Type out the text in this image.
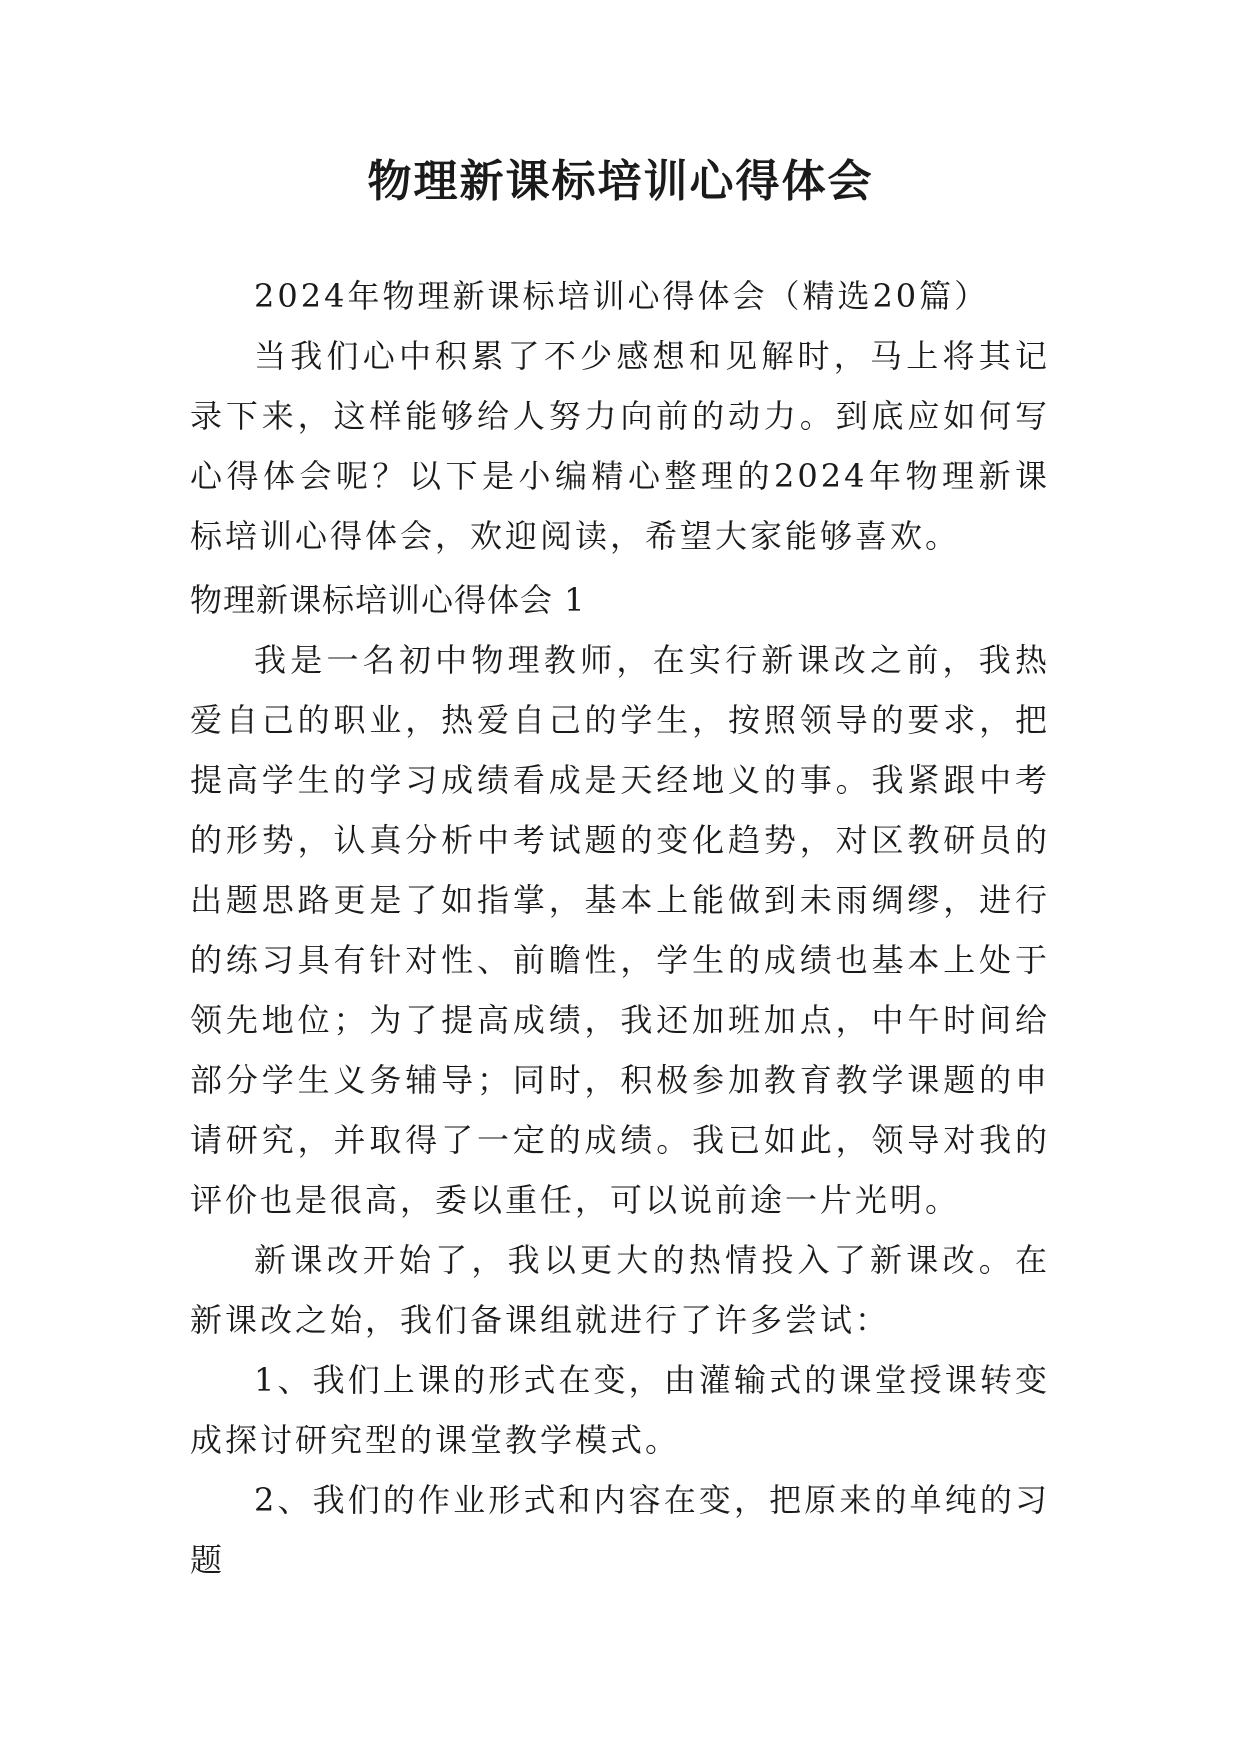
物理新课标培训心得体会

2024年物理新课标培训心得体会（精选20篇）

当我们心中积累了不少感想和见解时，马上将其记录下来，这样能够给人努力向前的动力。到底应如何写心得体会呢？以下是小编精心整理的2024年物理新课标培训心得体会，欢迎阅读，希望大家能够喜欢。

物理新课标培训心得体会 1

我是一名初中物理教师，在实行新课改之前，我热爱自己的职业，热爱自己的学生，按照领导的要求，把提高学生的学习成绩看成是天经地义的事。我紧跟中考的形势，认真分析中考试题的变化趋势，对区教研员的出题思路更是了如指掌，基本上能做到未雨绸缪，进行的练习具有针对性、前瞻性，学生的成绩也基本上处于领先地位；为了提高成绩，我还加班加点，中午时间给部分学生义务辅导；同时，积极参加教育教学课题的申请研究，并取得了一定的成绩。我已如此，领导对我的评价也是很高，委以重任，可以说前途一片光明。

新课改开始了，我以更大的热情投入了新课改。在新课改之始，我们备课组就进行了许多尝试：

1、我们上课的形式在变，由灌输式的课堂授课转变成探讨研究型的课堂教学模式。

2、我们的作业形式和内容在变，把原来的单纯的习题
